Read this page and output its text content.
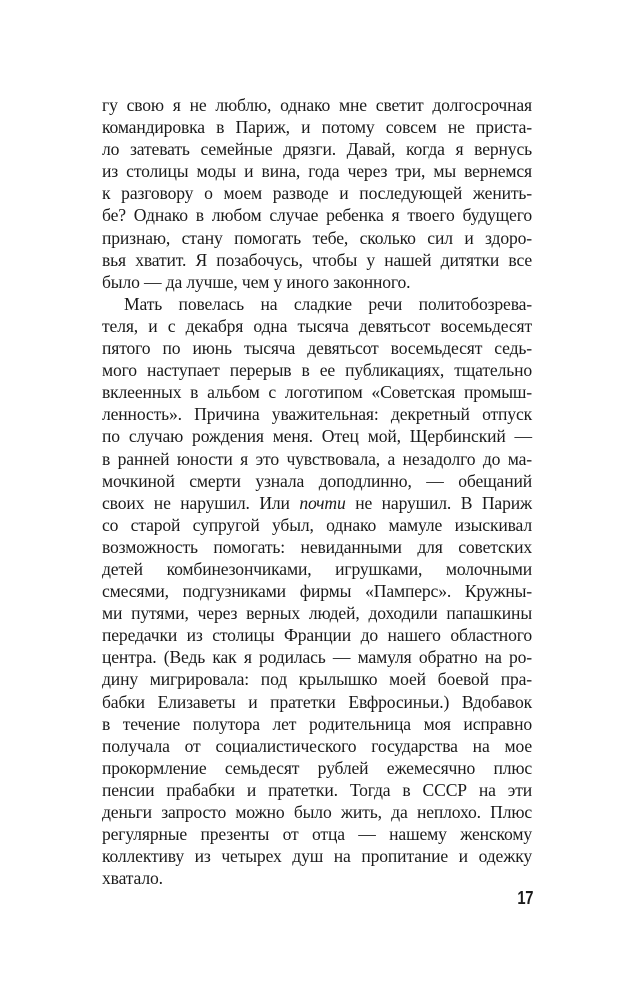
гу свою я не люблю, однако мне светит долгосрочная
командировка в Париж, и потому совсем не приста-
ло затевать семейные дрязги. Давай, когда я вернусь
из столицы моды и вина, года через три, мы вернемся
к разговору о моем разводе и последующей женить-
бе? Однако в любом случае ребенка я твоего будущего
признаю, стану помогать тебе, сколько сил и здоро-
вья хватит. Я позабочусь, чтобы у нашей дитятки все
было — да лучше, чем у иного законного.
Мать повелась на сладкие речи политобозрева-
теля, и с декабря одна тысяча девятьсот восемьдесят
пятого по июнь тысяча девятьсот восемьдесят седь-
мого наступает перерыв в ее публикациях, тщательно
вклеенных в альбом с логотипом «Советская промыш-
ленность». Причина уважительная: декретный отпуск
по случаю рождения меня. Отец мой, Щербинский —
в ранней юности я это чувствовала, а незадолго до ма-
мочкиной смерти узнала доподлинно, — обещаний
своих не нарушил. Или почти не нарушил. В Париж
со старой супругой убыл, однако мамуле изыскивал
возможность помогать: невиданными для советских
детей комбинезончиками, игрушками, молочными
смесями, подгузниками фирмы «Памперс». Кружны-
ми путями, через верных людей, доходили папашкины
передачки из столицы Франции до нашего областного
центра. (Ведь как я родилась — мамуля обратно на ро-
дину мигрировала: под крылышко моей боевой пра-
бабки Елизаветы и пратетки Евфросиньи.) Вдобавок
в течение полутора лет родительница моя исправно
получала от социалистического государства на мое
прокормление семьдесят рублей ежемесячно плюс
пенсии прабабки и пратетки. Тогда в СССР на эти
деньги запросто можно было жить, да неплохо. Плюс
регулярные презенты от отца — нашему женскому
коллективу из четырех душ на пропитание и одежку
хватало.
17
